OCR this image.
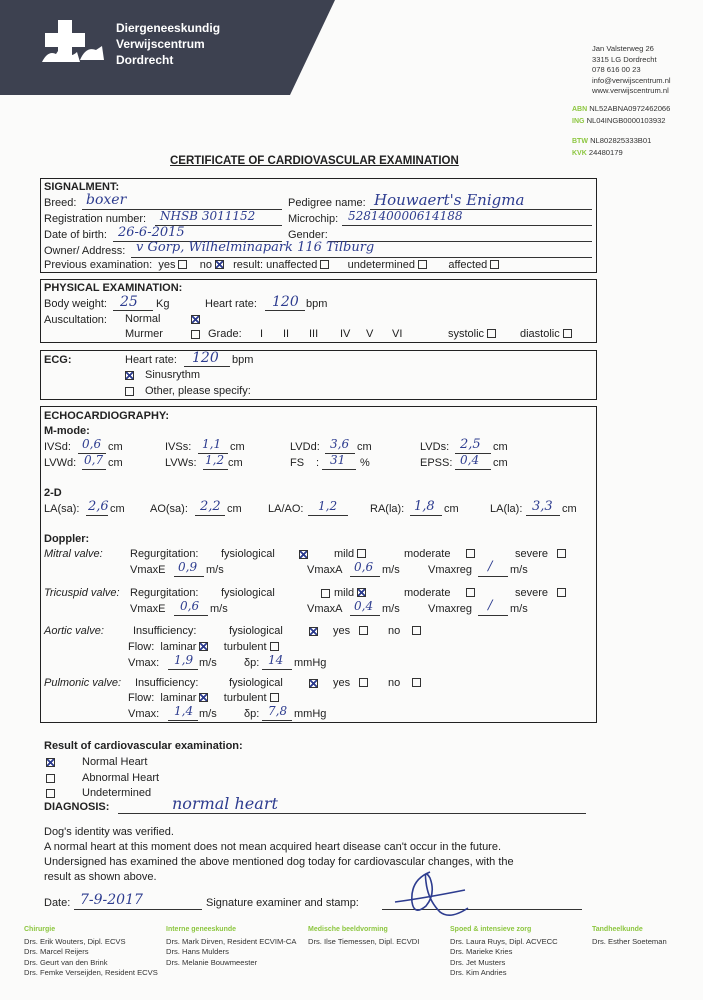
Diergeneeskundig
Verwijscentrum
Dordrecht
Jan Valsterweg 26
3315 LG Dordrecht
078 616 00 23
info@verwijscentrum.nl
www.verwijscentrum.nl
ABN NL52ABNA0972462066
ING NL04INGB0000103932
BTW NL802825333B01
KVK 24480179
CERTIFICATE OF CARDIOVASCULAR EXAMINATION
SIGNALMENT:
Breed: boxer	Pedigree name: Houwaert's Enigma
Registration number: NHSB 3011152	Microchip: 528140000614188
Date of birth: 26-6-2015	Gender:
Owner/ Address: v Gorp, Wilhelminapark 116 Tilburg
Previous examination: yes no result: unaffected	undetermined	affected
PHYSICAL EXAMINATION:
Body weight: 25 Kg	Heart rate: 120 bpm
Auscultation: Normal
Murmer	Grade: I II III IV V VI	systolic	diastolic
ECG:	Heart rate: 120 bpm
Sinusrythm
Other, please specify:
ECHOCARDIOGRAPHY:
M-mode:
IVSd: 0,6 cm	IVSs: 1,1 cm	LVDd: 3,6 cm	LVDs: 2,5 cm
LVWd: 0,7 cm	LVWs: 1,2 cm	FS : 31 %	EPSS: 0,4 cm
2-D
LA(sa): 2,6 cm AO(sa): 2,2 cm LA/AO: 1,2	RA(la): 1,8 cm	LA(la): 3,3 cm
Doppler:
Mitral valve: Regurgitation: fysiological	mild	moderate	severe
VmaxE 0,9 m/s	VmaxA 0,6 m/s	Vmaxreg / m/s
Tricuspid valve: Regurgitation: fysiological	mild	moderate	severe
VmaxE 0,6 m/s	VmaxA 0,4 m/s	Vmaxreg / m/s
Aortic valve:	Insufficiency:	fysiological	yes	no
Flow: laminar turbulent
Vmax: 1,9 m/s δp: 14 mmHg
Pulmonic valve: Insufficiency:	fysiological	yes	no
Flow: laminar turbulent
Vmax: 1,4 m/s δp: 7,8 mmHg
Result of cardiovascular examination:
Normal Heart
Abnormal Heart
Undetermined
DIAGNOSIS:	normal heart
Dog's identity was verified.
A normal heart at this moment does not mean acquired heart disease can't occur in the future.
Undersigned has examined the above mentioned dog today for cardiovascular changes, with the
result as shown above.
Date: 7-9-2017	Signature examiner and stamp:
Chirurgie
Drs. Erik Wouters, Dipl. ECVS
Drs. Marcel Reijers
Drs. Geurt van den Brink
Drs. Femke Verseijden, Resident ECVS
Interne geneeskunde
Drs. Mark Dirven, Resident ECVIM-CA
Drs. Hans Mulders
Drs. Melanie Bouwmeester
Medische beeldvorming
Drs. Ilse Tiemessen, Dipl. ECVDI
Spoed & intensieve zorg
Drs. Laura Ruys, Dipl. ACVECC
Drs. Marieke Kries
Drs. Jet Musters
Drs. Kim Andries
Tandheelkunde
Drs. Esther Soeteman
